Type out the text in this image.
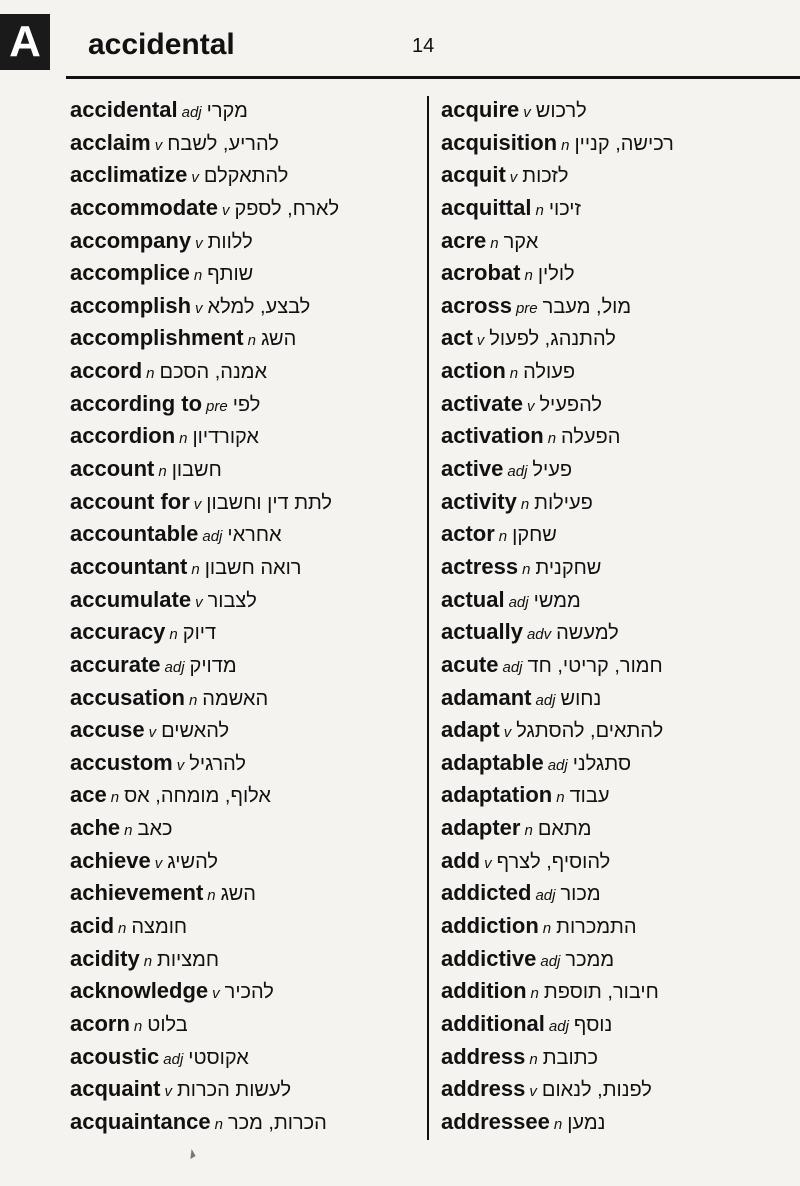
A	accidental	14
accidental adj מקרי
acclaim v להריע, לשבח
acclimatize v להתאקלם
accommodate v לארח, לספק
accompany v ללוות
accomplice n שותף
accomplish v לבצע, למלא
accomplishment n השג
accord n אמנה, הסכם
according to pre לפי
accordion n אקורדיון
account n חשבון
account for v לתת דין וחשבון
accountable adj אחראי
accountant n רואה חשבון
accumulate v לצבור
accuracy n דיוק
accurate adj מדויק
accusation n האשמה
accuse v להאשים
accustom v להרגיל
ace n אלוף, מומחה, אס
ache n כאב
achieve v להשיג
achievement n השג
acid n חומצה
acidity n חמציות
acknowledge v להכיר
acorn n בלוט
acoustic adj אקוסטי
acquaint v לעשות הכרות
acquaintance n הכרות, מכר
acquire v לרכוש
acquisition n רכישה, קניין
acquit v לזכות
acquittal n זיכוי
acre n אקר
acrobat n לולין
across pre מול, מעבר
act v להתנהג, לפעול
action n פעולה
activate v להפעיל
activation n הפעלה
active adj פעיל
activity n פעילות
actor n שחקן
actress n שחקנית
actual adj ממשי
actually adv למעשה
acute adj חמור, קריטי, חד
adamant adj נחוש
adapt v להתאים, להסתגל
adaptable adj סתגלני
adaptation n עבוד
adapter n מתאם
add v להוסיף, לצרף
addicted adj מכור
addiction n התמכרות
addictive adj ממכר
addition n חיבור, תוספת
additional adj נוסף
address n כתובת
address v לפנות, לנאום
addressee n נמען
